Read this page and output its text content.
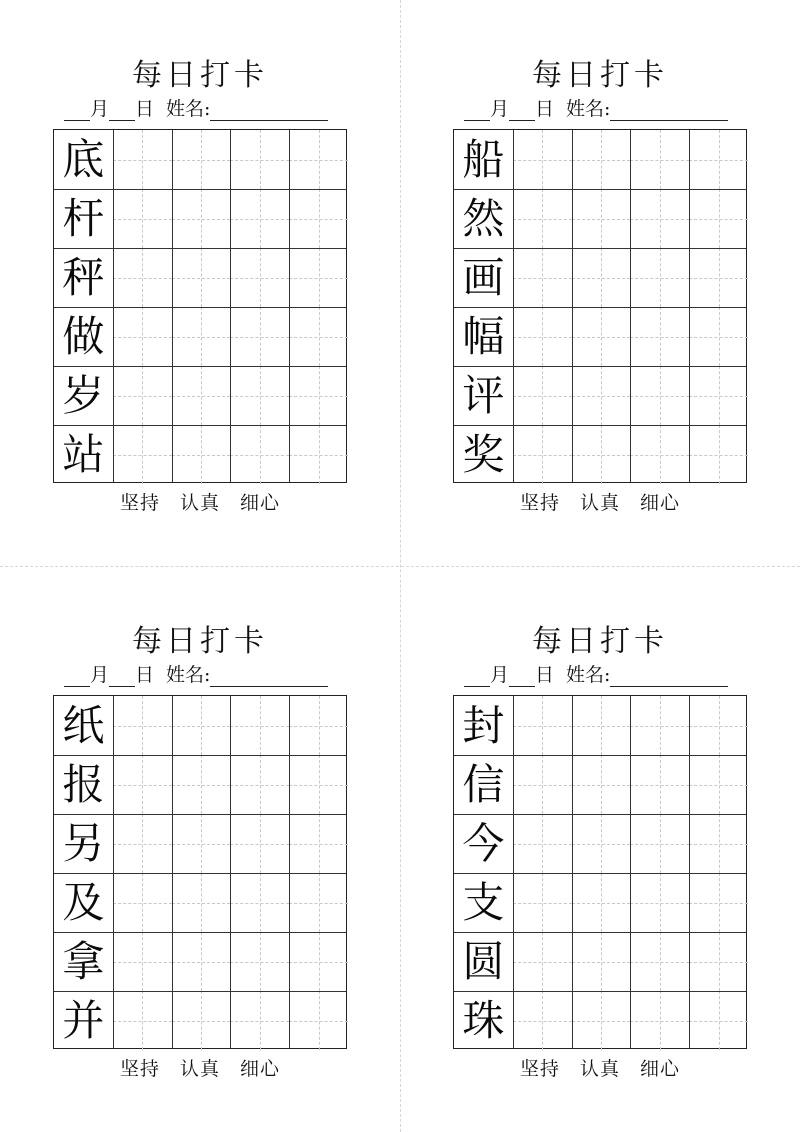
每日打卡
月 日 姓名:
底
杆
秤
做
岁
站
坚持 认真 细心
每日打卡
月 日 姓名:
船
然
画
幅
评
奖
坚持 认真 细心
每日打卡
月 日 姓名:
纸
报
另
及
拿
并
坚持 认真 细心
每日打卡
月 日 姓名:
封
信
今
支
圆
珠
坚持 认真 细心
